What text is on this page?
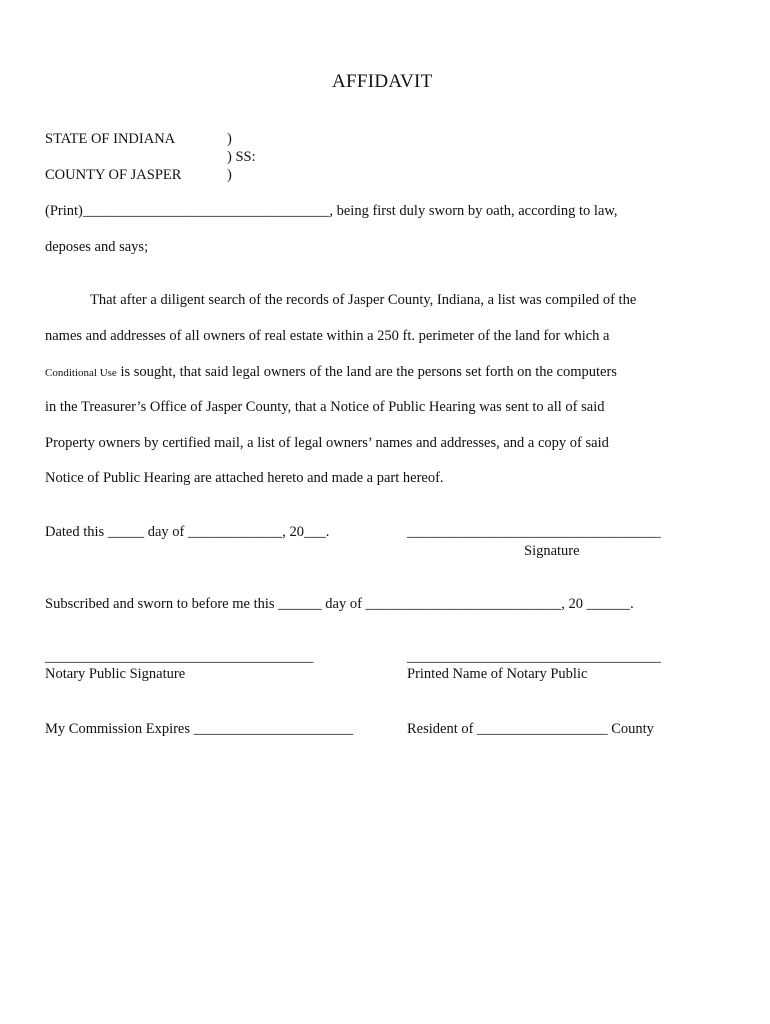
AFFIDAVIT
STATE OF INDIANA
COUNTY OF JASPER
)
) SS:
)
(Print)__________________________________, being first duly sworn by oath, according to law,
deposes and says;
That after a diligent search of the records of Jasper County, Indiana, a list was compiled of the
names and addresses of all owners of real estate within a 250 ft. perimeter of the land for which a
Conditional Use is sought, that said legal owners of the land are the persons set forth on the computers
in the Treasurer’s Office of Jasper County, that a Notice of Public Hearing was sent to all of said
Property owners by certified mail, a list of legal owners’ names and addresses, and a copy of said
Notice of Public Hearing are attached hereto and made a part hereof.
Dated this _____ day of _____________, 20___.	___________________________________
Signature
Subscribed and sworn to before me this ______ day of ___________________________, 20 ______.
_____________________________________
Notary Public Signature
___________________________________
Printed Name of Notary Public
My Commission Expires ______________________	Resident of __________________ County
